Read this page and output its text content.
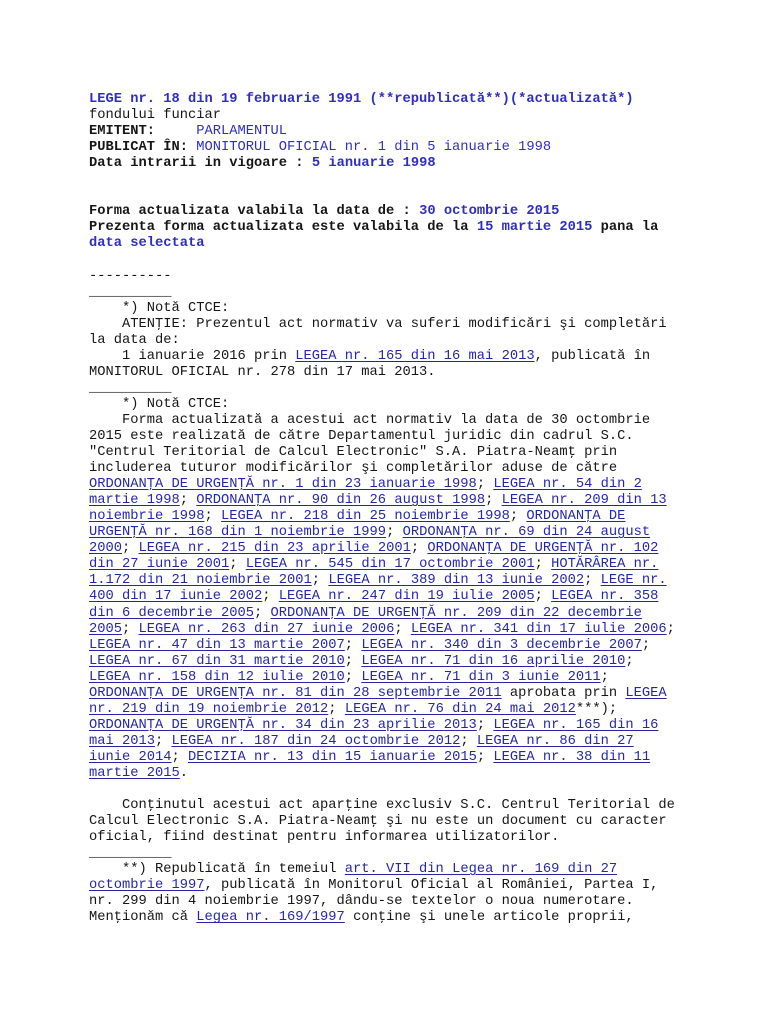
LEGE nr. 18 din 19 februarie 1991 (**republicată**)(*actualizată*)
fondului funciar
EMITENT:	PARLAMENTUL
PUBLICAT ÎN: MONITORUL OFICIAL nr. 1 din 5 ianuarie 1998
Data intrarii in vigoare : 5 ianuarie 1998
Forma actualizata valabila la data de : 30 octombrie 2015
Prezenta forma actualizata este valabila de la 15 martie 2015 pana la
data selectata
----------
__________
*) Notă CTCE:
ATENŢIE: Prezentul act normativ va suferi modificări şi completări
la data de:
1 ianuarie 2016 prin LEGEA nr. 165 din 16 mai 2013, publicată în
MONITORUL OFICIAL nr. 278 din 17 mai 2013.
__________
*) Notă CTCE:
Forma actualizată a acestui act normativ la data de 30 octombrie
2015 este realizată de către Departamentul juridic din cadrul S.C.
"Centrul Teritorial de Calcul Electronic" S.A. Piatra-Neamţ prin
includerea tuturor modificărilor şi completărilor aduse de către
ORDONANŢA DE URGENŢĂ nr. 1 din 23 ianuarie 1998; LEGEA nr. 54 din 2
martie 1998; ORDONANŢA nr. 90 din 26 august 1998; LEGEA nr. 209 din 13
noiembrie 1998; LEGEA nr. 218 din 25 noiembrie 1998; ORDONANŢA DE
URGENŢĂ nr. 168 din 1 noiembrie 1999; ORDONANŢA nr. 69 din 24 august
2000; LEGEA nr. 215 din 23 aprilie 2001; ORDONANŢA DE URGENŢĂ nr. 102
din 27 iunie 2001; LEGEA nr. 545 din 17 octombrie 2001; HOTĂRÂREA nr.
1.172 din 21 noiembrie 2001; LEGEA nr. 389 din 13 iunie 2002; LEGE nr.
400 din 17 iunie 2002; LEGEA nr. 247 din 19 iulie 2005; LEGEA nr. 358
din 6 decembrie 2005; ORDONANŢA DE URGENŢĂ nr. 209 din 22 decembrie
2005; LEGEA nr. 263 din 27 iunie 2006; LEGEA nr. 341 din 17 iulie 2006;
LEGEA nr. 47 din 13 martie 2007; LEGEA nr. 340 din 3 decembrie 2007;
LEGEA nr. 67 din 31 martie 2010; LEGEA nr. 71 din 16 aprilie 2010;
LEGEA nr. 158 din 12 iulie 2010; LEGEA nr. 71 din 3 iunie 2011;
ORDONANŢA DE URGENŢA nr. 81 din 28 septembrie 2011 aprobata prin LEGEA
nr. 219 din 19 noiembrie 2012; LEGEA nr. 76 din 24 mai 2012***);
ORDONANŢA DE URGENŢĂ nr. 34 din 23 aprilie 2013; LEGEA nr. 165 din 16
mai 2013; LEGEA nr. 187 din 24 octombrie 2012; LEGEA nr. 86 din 27
iunie 2014; DECIZIA nr. 13 din 15 ianuarie 2015; LEGEA nr. 38 din 11
martie 2015.
Conţinutul acestui act aparţine exclusiv S.C. Centrul Teritorial de
Calcul Electronic S.A. Piatra-Neamţ şi nu este un document cu caracter
oficial, fiind destinat pentru informarea utilizatorilor.
__________
**) Republicată în temeiul art. VII din Legea nr. 169 din 27
octombrie 1997, publicată în Monitorul Oficial al României, Partea I,
nr. 299 din 4 noiembrie 1997, dându-se textelor o noua numerotare.
Menţionăm că Legea nr. 169/1997 conţine şi unele articole proprii,
